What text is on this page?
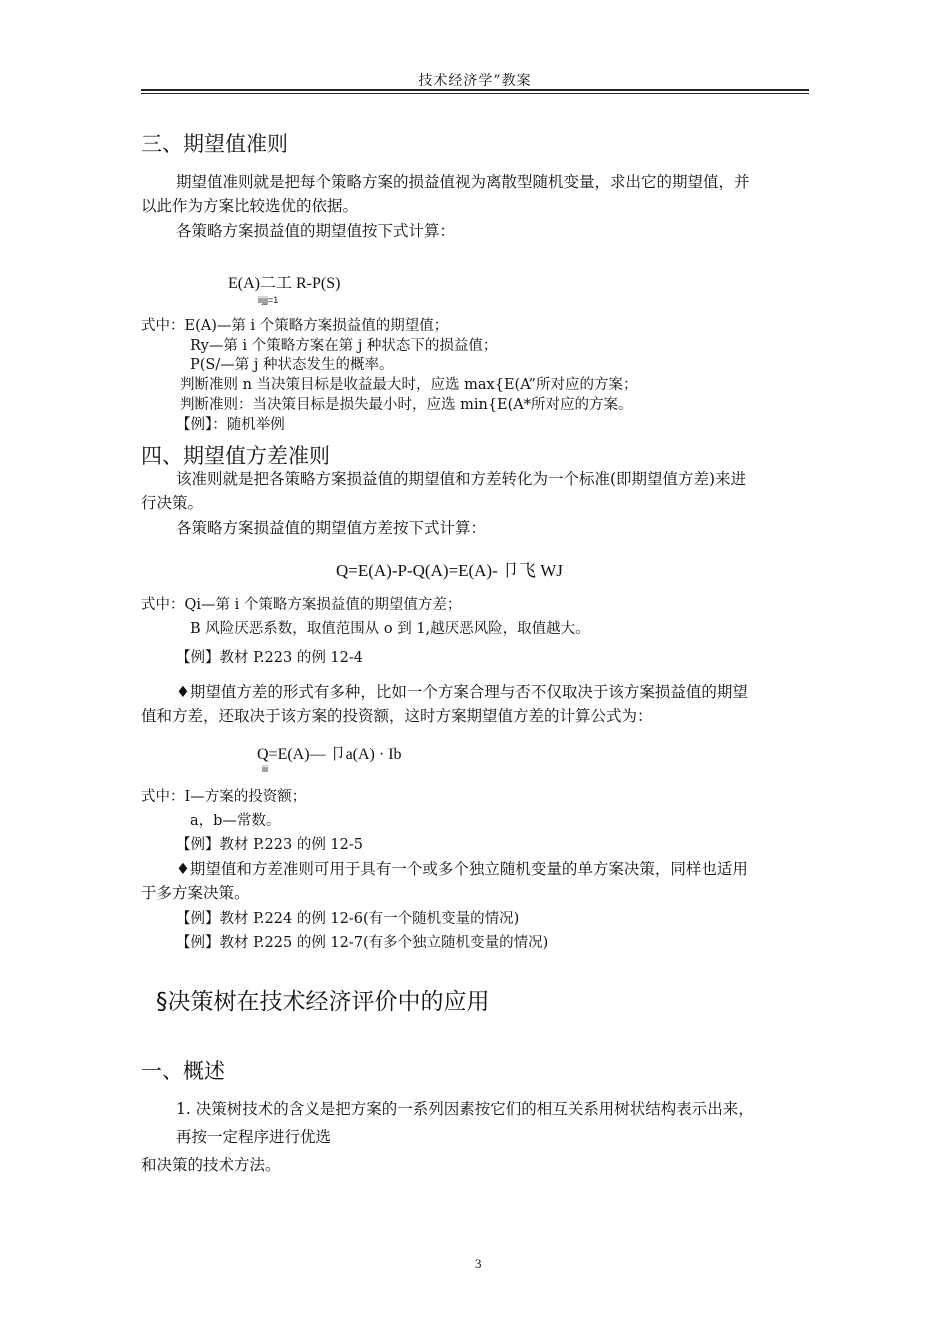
技术经济学”教案
三、期望值准则
期望值准则就是把每个策略方案的损益值视为离散型随机变量，求出它的期望值，并
以此作为方案比较选优的依据。
各策略方案损益值的期望值按下式计算：
E(A)二工 R-P(S)
iijjj=1
式中：E(A)—第 i 个策略方案损益值的期望值；
Ry—第 i 个策略方案在第 j 种状态下的损益值；
P(S/—第 j 种状态发生的概率。
判断准则 n 当决策目标是收益最大时，应选 max{E(A”所对应的方案；
判断准则：当决策目标是损失最小时，应选 min{E(A*所对应的方案。
【例】：随机举例
四、期望值方差准则
该准则就是把各策略方案损益值的期望值和方差转化为一个标准(即期望值方差)来进
行决策。
各策略方案损益值的期望值方差按下式计算：
Q=E(A)-P-Q(A)=E(A)- 卩飞 WJ
式中：Qi—第 i 个策略方案损益值的期望值方差；
B 风险厌恶系数，取值范围从 o 到 1,越厌恶风险，取值越大。
【例】教材 P.223 的例 12-4
♦期望值方差的形式有多种，比如一个方案合理与否不仅取决于该方案损益值的期望
值和方差，还取决于该方案的投资额，这时方案期望值方差的计算公式为：
Q=E(A)— 卩a(A) · Ib
iii
式中：I—方案的投资额；
a，b—常数。
【例】教材 P.223 的例 12-5
♦期望值和方差准则可用于具有一个或多个独立随机变量的单方案决策，同样也适用
于多方案决策。
【例】教材 P.224 的例 12-6(有一个随机变量的情况)
【例】教材 P.225 的例 12-7(有多个独立随机变量的情况)
§决策树在技术经济评价中的应用
一、概述
1. 决策树技术的含义是把方案的一系列因素按它们的相互关系用树状结构表示出来，
再按一定程序进行优选
和决策的技术方法。
3
